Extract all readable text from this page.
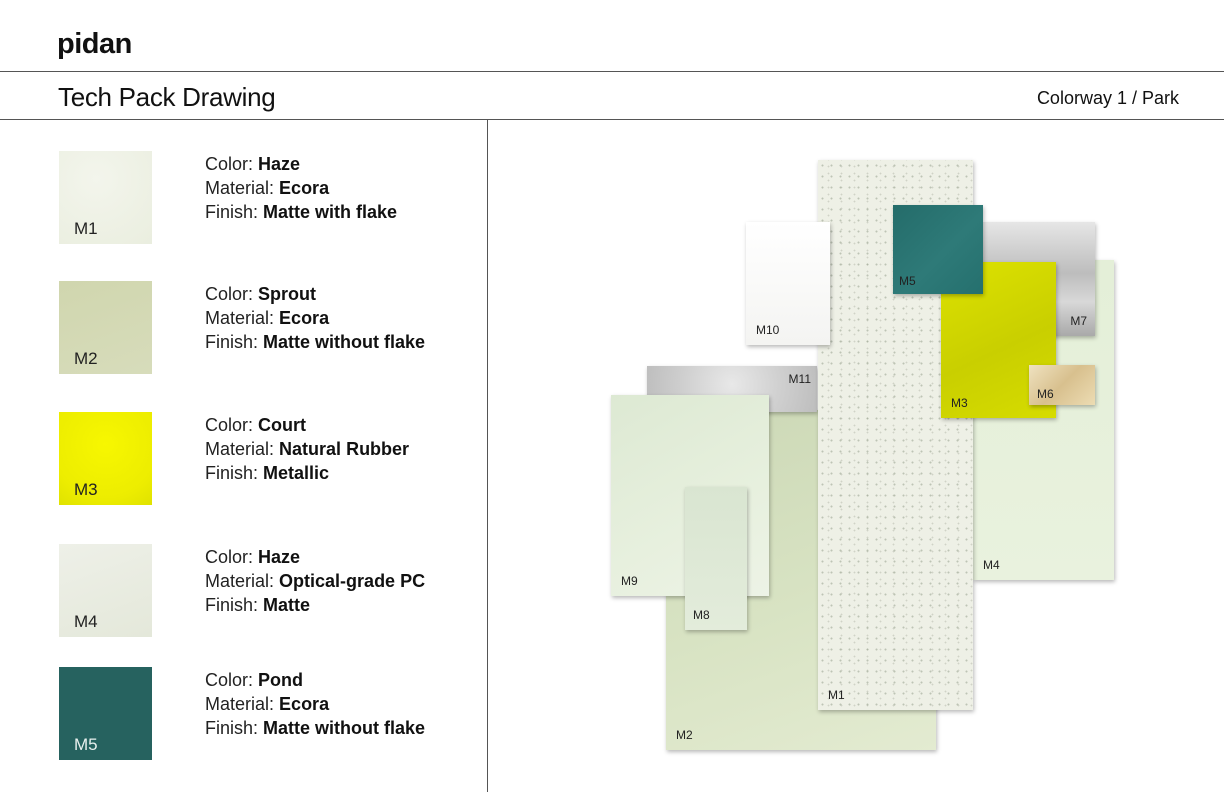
pidan
Tech Pack Drawing	Colorway 1 / Park
M1
Color: Haze
Material: Ecora
Finish: Matte with flake
M2
Color: Sprout
Material: Ecora
Finish: Matte without flake
M3
Color: Court
Material: Natural Rubber
Finish: Metallic
M4
Color: Haze
Material: Optical-grade PC
Finish: Matte
M5
Color: Pond
Material: Ecora
Finish: Matte without flake	M2
M11
M9
M8
M4
M1
M7
M3
M5
M10
M6
